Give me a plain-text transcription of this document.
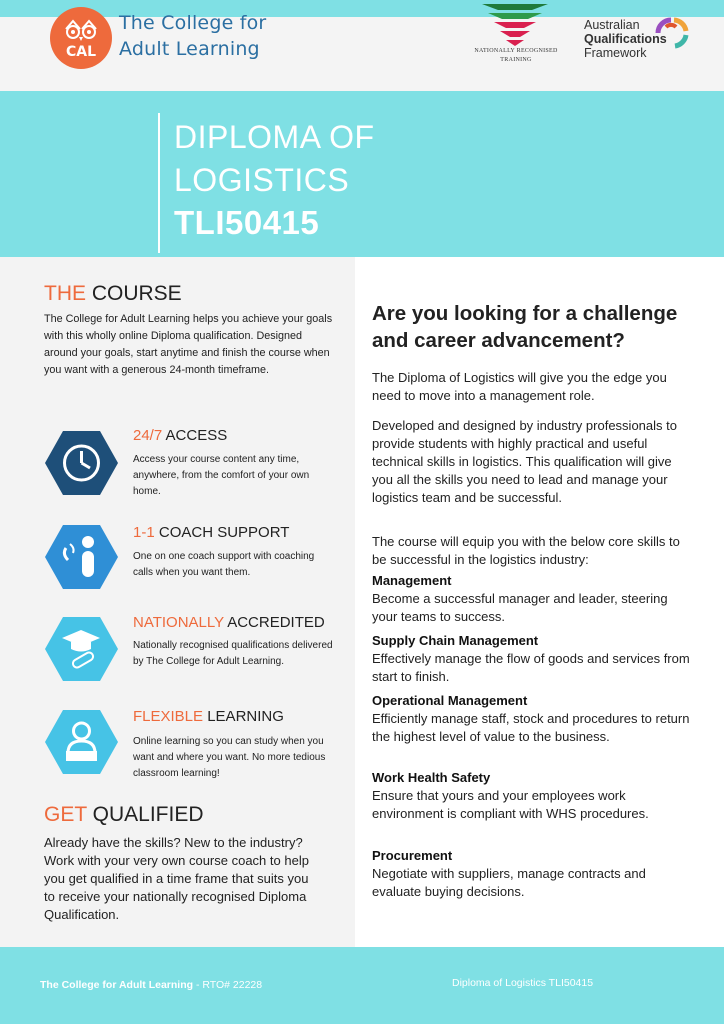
CAL
The College for
Adult Learning	NATIONALLY RECOGNISED
TRAINING
Australian
Qualifications
Framework
DIPLOMA OF
LOGISTICS
TLI50415
THE COURSE
The College for Adult Learning helps you achieve your goals with this wholly online Diploma qualification. Designed around your goals, start anytime and finish the course when you want with a generous 24-month timeframe.
24/7 ACCESS
Access your course content any time, anywhere, from the comfort of your own home.
1-1 COACH SUPPORT
One on one coach support with coaching calls when you want them.
NATIONALLY ACCREDITED
Nationally recognised qualifications delivered by The College for Adult Learning.
FLEXIBLE LEARNING
Online learning so you can study when you want and where you want. No more tedious classroom learning!
GET QUALIFIED
Already have the skills? New to the industry? Work with your very own course coach to help you get qualified in a time frame that suits you to receive your nationally recognised Diploma Qualification.
Are you looking for a challenge and career advancement?
The Diploma of Logistics will give you the edge you need to move into a management role.
Developed and designed by industry professionals to provide students with highly practical and useful technical skills in logistics. This qualification will give you all the skills you need to lead and manage your logistics team and be successful.
The course will equip you with the below core skills to be successful in the logistics industry:
Management
Become a successful manager and leader, steering your teams to success.
Supply Chain Management
Effectively manage the flow of goods and services from start to finish.
Operational Management
Efficiently manage staff, stock and procedures to return the highest level of value to the business.
Work Health Safety
Ensure that yours and your employees work environment is compliant with WHS procedures.
Procurement
Negotiate with suppliers, manage contracts and evaluate buying decisions.
The College for Adult Learning - RTO# 22228	Diploma of Logistics TLI50415
